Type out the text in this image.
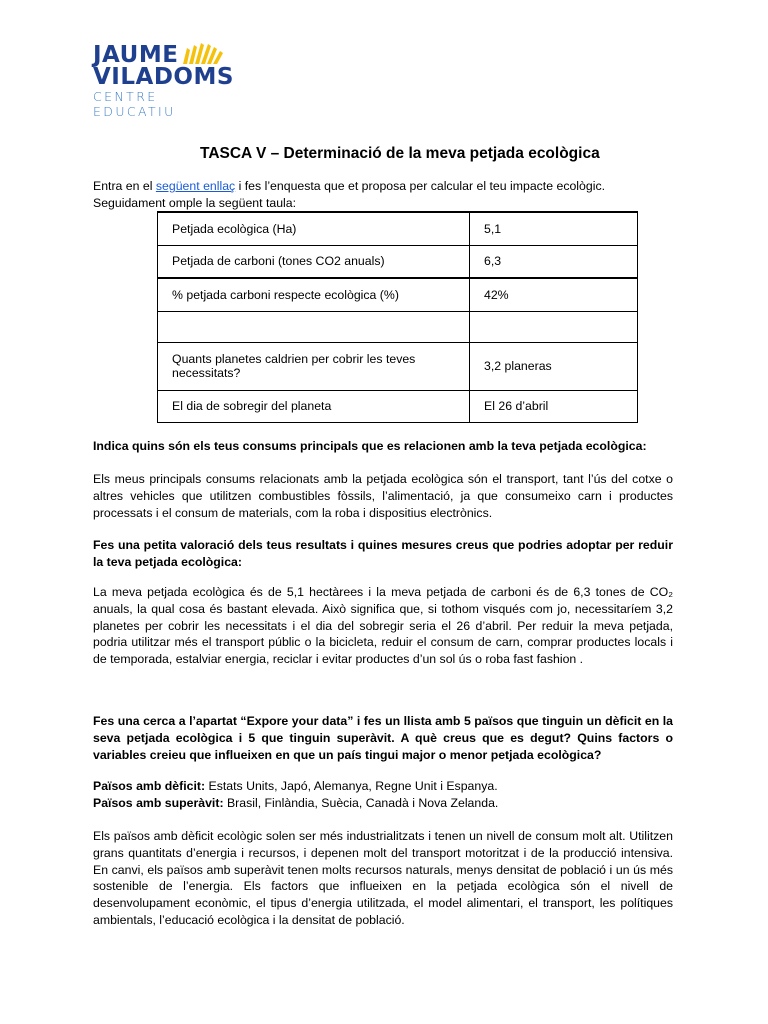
JAUME
VILADOMS
CENTRE EDUCATIU
TASCA V – Determinació de la meva petjada ecològica
Entra en el següent enllaç i fes l’enquesta que et proposa per calcular el teu impacte ecològic.
Seguidament omple la següent taula:
Petjada ecològica (Ha)	5,1
Petjada de carboni (tones CO2 anuals)	6,3
% petjada carboni respecte ecològica (%)	42%

Quants planetes caldrien per cobrir les teves necessitats?	3,2 planeras
El dia de sobregir del planeta	El 26 d’abril
Indica quins són els teus consums principals que es relacionen amb la teva petjada ecològica:
Els meus principals consums relacionats amb la petjada ecològica són el transport, tant l’ús del cotxe o altres vehicles que utilitzen combustibles fòssils, l’alimentació, ja que consumeixo carn i productes processats i el consum de materials, com la roba i dispositius electrònics.
Fes una petita valoració dels teus resultats i quines mesures creus que podries adoptar per reduir la teva petjada ecològica:
La meva petjada ecològica és de 5,1 hectàrees i la meva petjada de carboni és de 6,3 tones de CO₂ anuals, la qual cosa és bastant elevada. Això significa que, si tothom visqués com jo, necessitaríem 3,2 planetes per cobrir les necessitats i el dia del sobregir seria el 26 d’abril. Per reduir la meva petjada, podria utilitzar més el transport públic o la bicicleta, reduir el consum de carn, comprar productes locals i de temporada, estalviar energia, reciclar i evitar productes d’un sol ús o roba fast fashion .
Fes una cerca a l’apartat “Expore your data” i fes un llista amb 5 països que tinguin un dèficit en la seva petjada ecològica i 5 que tinguin superàvit. A què creus que es degut? Quins factors o variables creieu que influeixen en que un país tingui major o menor petjada ecològica?
Països amb dèficit: Estats Units, Japó, Alemanya, Regne Unit i Espanya.
Països amb superàvit: Brasil, Finlàndia, Suècia, Canadà i Nova Zelanda.
Els països amb dèficit ecològic solen ser més industrialitzats i tenen un nivell de consum molt alt. Utilitzen grans quantitats d’energia i recursos, i depenen molt del transport motoritzat i de la producció intensiva. En canvi, els països amb superàvit tenen molts recursos naturals, menys densitat de població i un ús més sostenible de l’energia. Els factors que influeixen en la petjada ecològica són el nivell de desenvolupament econòmic, el tipus d’energia utilitzada, el model alimentari, el transport, les polítiques ambientals, l’educació ecològica i la densitat de població.
